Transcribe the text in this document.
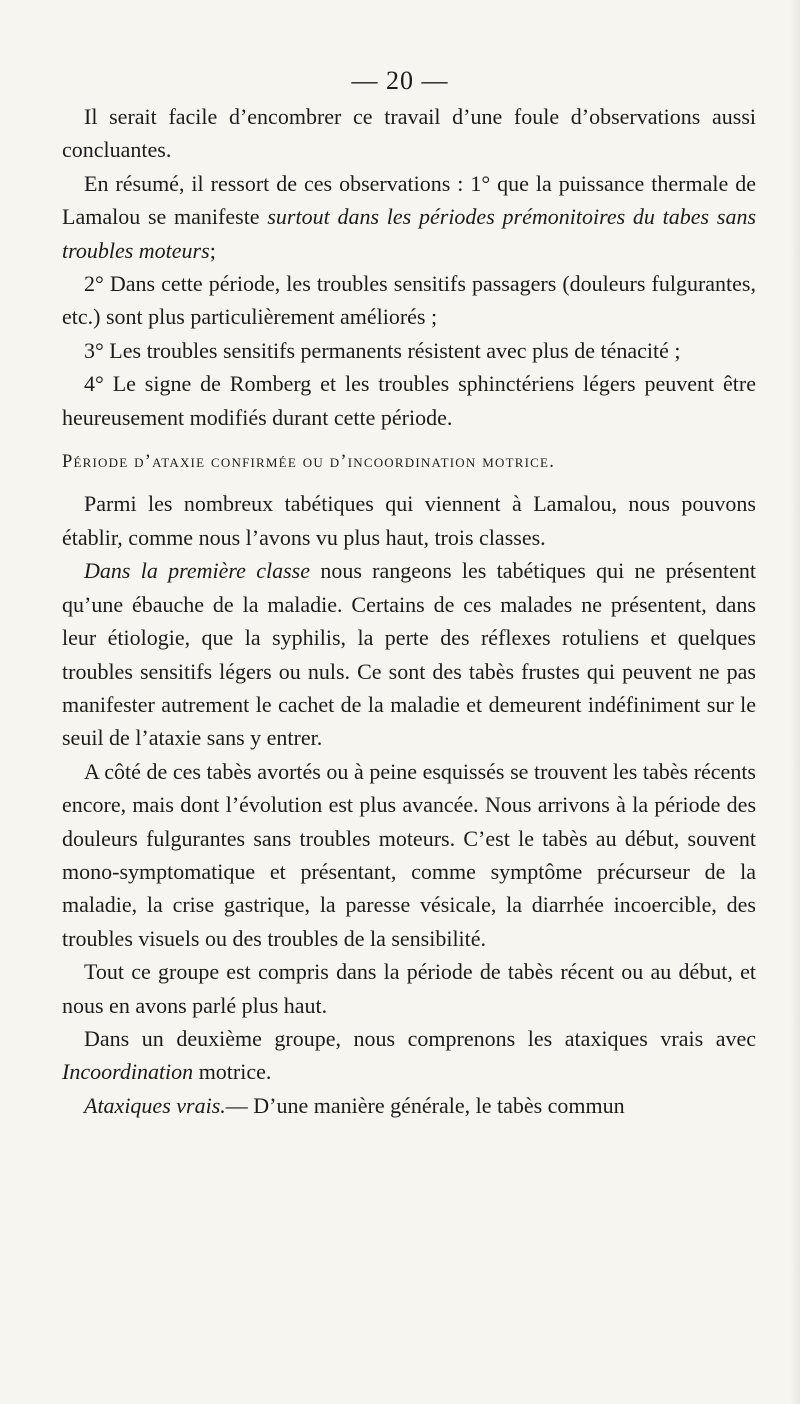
— 20 —

Il serait facile d’encombrer ce travail d’une foule d’observations aussi concluantes.

En résumé, il ressort de ces observations : 1° que la puissance thermale de Lamalou se manifeste surtout dans les périodes prémonitoires du tabes sans troubles moteurs;

2° Dans cette période, les troubles sensitifs passagers (douleurs fulgurantes, etc.) sont plus particulièrement améliorés ;

3° Les troubles sensitifs permanents résistent avec plus de ténacité ;

4° Le signe de Romberg et les troubles sphinctériens légers peuvent être heureusement modifiés durant cette période.

Période d’ataxie confirmée ou d’incoordination motrice.

Parmi les nombreux tabétiques qui viennent à Lamalou, nous pouvons établir, comme nous l’avons vu plus haut, trois classes.

Dans la première classe nous rangeons les tabétiques qui ne présentent qu’une ébauche de la maladie. Certains de ces malades ne présentent, dans leur étiologie, que la syphilis, la perte des réflexes rotuliens et quelques troubles sensitifs légers ou nuls. Ce sont des tabès frustes qui peuvent ne pas manifester autrement le cachet de la maladie et demeurent indéfiniment sur le seuil de l’ataxie sans y entrer.

A côté de ces tabès avortés ou à peine esquissés se trouvent les tabès récents encore, mais dont l’évolution est plus avancée. Nous arrivons à la période des douleurs fulgurantes sans troubles moteurs. C’est le tabès au début, souvent mono-symptomatique et présentant, comme symptôme précurseur de la maladie, la crise gastrique, la paresse vésicale, la diarrhée incoercible, des troubles visuels ou des troubles de la sensibilité.

Tout ce groupe est compris dans la période de tabès récent ou au début, et nous en avons parlé plus haut.

Dans un deuxième groupe, nous comprenons les ataxiques vrais avec Incoordination motrice.

Ataxiques vrais.— D’une manière générale, le tabès commun
